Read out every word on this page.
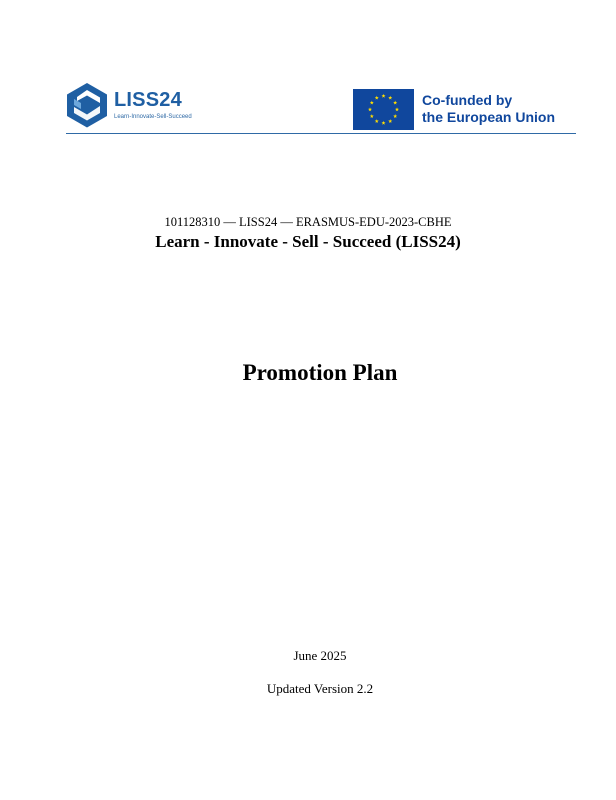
LISS24
Learn-Innovate-Sell-Succeed
Co-funded by
the European Union
101128310 — LISS24 — ERASMUS-EDU-2023-CBHE
Learn - Innovate - Sell - Succeed (LISS24)
Promotion Plan
June 2025
Updated Version 2.2
